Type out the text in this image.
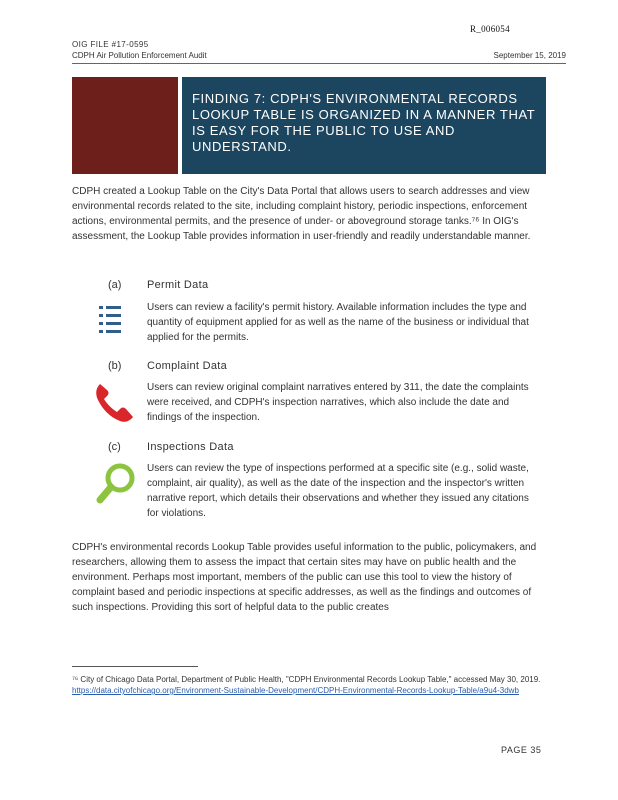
R_006054
OIG FILE #17-0595
CDPH Air Pollution Enforcement Audit	September 15, 2019
FINDING 7: CDPH'S ENVIRONMENTAL RECORDS LOOKUP TABLE IS ORGANIZED IN A MANNER THAT IS EASY FOR THE PUBLIC TO USE AND UNDERSTAND.
CDPH created a Lookup Table on the City's Data Portal that allows users to search addresses and view environmental records related to the site, including complaint history, periodic inspections, enforcement actions, environmental permits, and the presence of under- or aboveground storage tanks.⁷⁶ In OIG's assessment, the Lookup Table provides information in user-friendly and readily understandable manner.
(a) Permit Data
Users can review a facility's permit history. Available information includes the type and quantity of equipment applied for as well as the name of the business or individual that applied for the permits.
(b) Complaint Data
Users can review original complaint narratives entered by 311, the date the complaints were received, and CDPH's inspection narratives, which also include the date and findings of the inspection.
(c) Inspections Data
Users can review the type of inspections performed at a specific site (e.g., solid waste, complaint, air quality), as well as the date of the inspection and the inspector's written narrative report, which details their observations and whether they issued any citations for violations.
CDPH's environmental records Lookup Table provides useful information to the public, policymakers, and researchers, allowing them to assess the impact that certain sites may have on public health and the environment. Perhaps most important, members of the public can use this tool to view the history of complaint based and periodic inspections at specific addresses, as well as the findings and outcomes of such inspections. Providing this sort of helpful data to the public creates
⁷⁶ City of Chicago Data Portal, Department of Public Health, "CDPH Environmental Records Lookup Table," accessed May 30, 2019.
https://data.cityofchicago.org/Environment-Sustainable-Development/CDPH-Environmental-Records-Lookup-Table/a9u4-3dwb
PAGE 35
